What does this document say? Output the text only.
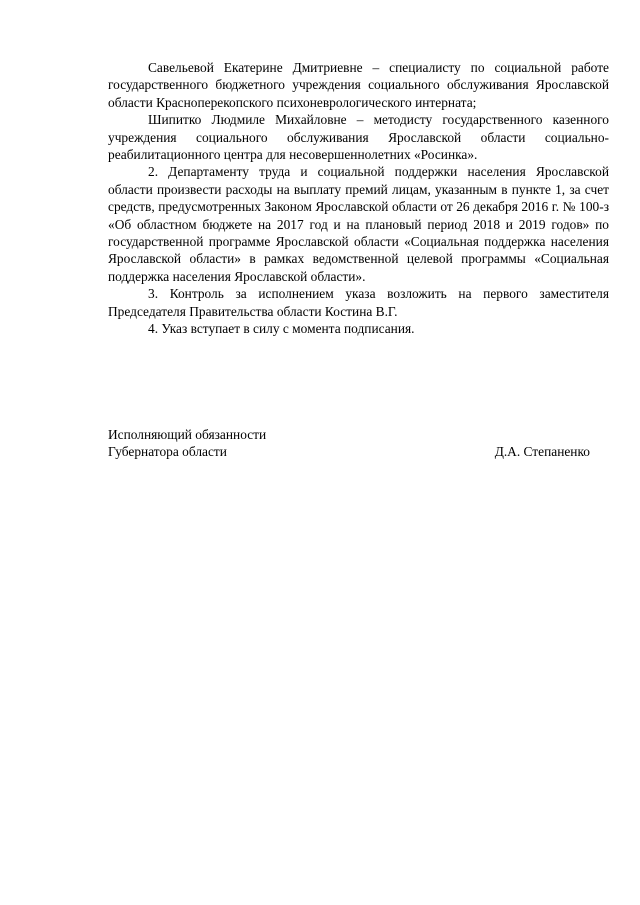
Савельевой Екатерине Дмитриевне – специалисту по социальной работе государственного бюджетного учреждения социального обслуживания Ярославской области Красноперекопского психоневрологического интерната;

Шипитко Людмиле Михайловне – методисту государственного казенного учреждения социального обслуживания Ярославской области социально-реабилитационного центра для несовершеннолетних «Росинка».

2. Департаменту труда и социальной поддержки населения Ярославской области произвести расходы на выплату премий лицам, указанным в пункте 1, за счет средств, предусмотренных Законом Ярославской области от 26 декабря 2016 г. № 100-з «Об областном бюджете на 2017 год и на плановый период 2018 и 2019 годов» по государственной программе Ярославской области «Социальная поддержка населения Ярославской области» в рамках ведомственной целевой программы «Социальная поддержка населения Ярославской области».

3. Контроль за исполнением указа возложить на первого заместителя Председателя Правительства области Костина В.Г.

4. Указ вступает в силу с момента подписания.

Исполняющий обязанности
Губернатора области	Д.А. Степаненко
